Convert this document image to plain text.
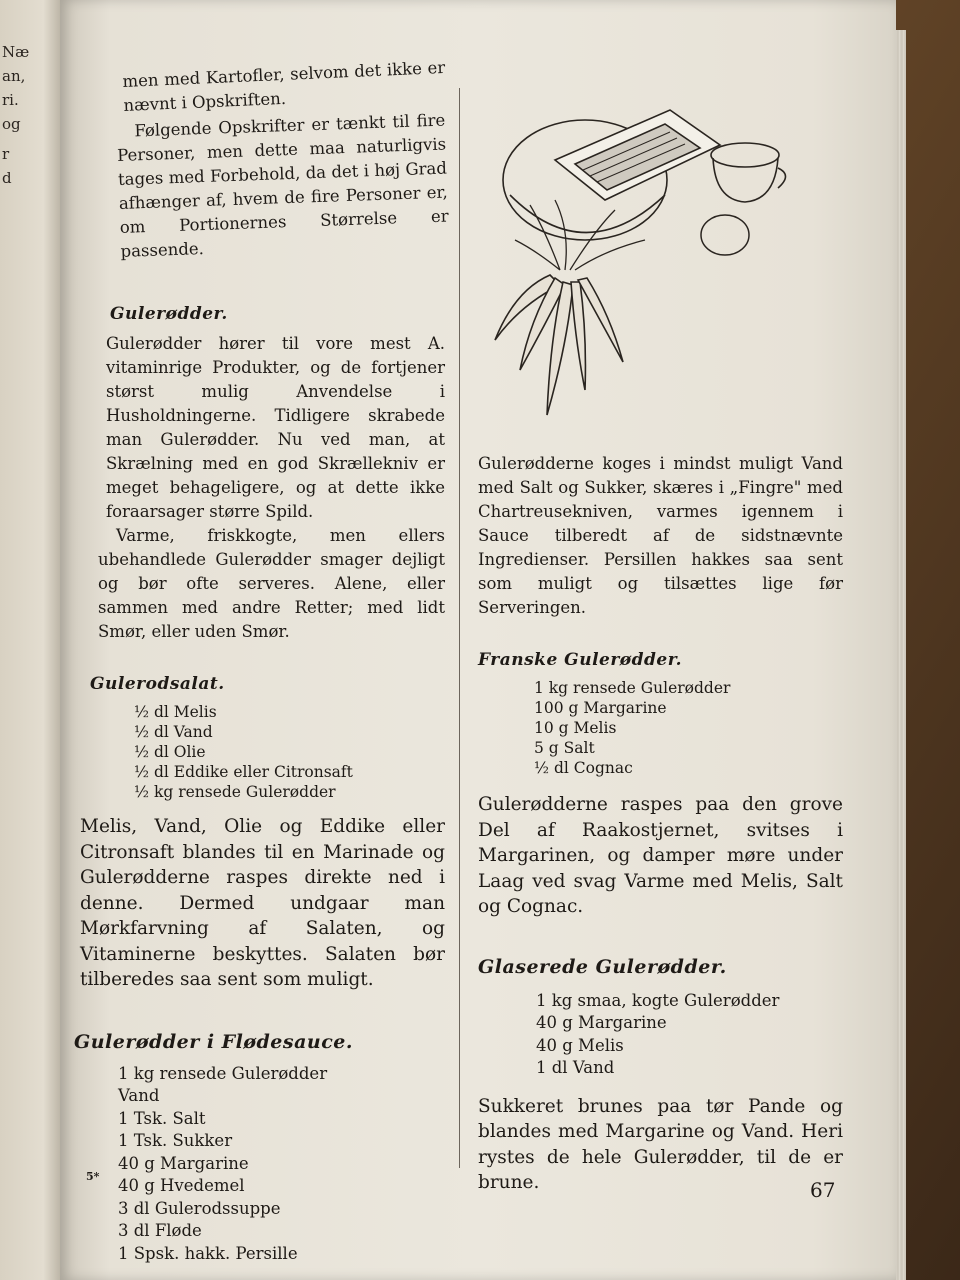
Næ
an,
ri.
og
r
d

men med Kartofler, selvom det ikke er nævnt i Opskriften.

Følgende Opskrifter er tænkt til fire Personer, men dette maa naturligvis tages med Forbehold, da det i høj Grad afhænger af, hvem de fire Personer er, om Portionernes Størrelse er passende.

Gulerødder.

Gulerødder hører til vore mest A. vitaminrige Produkter, og de fortjener størst mulig Anvendelse i Husholdningerne. Tidligere skrabede man Gulerødder. Nu ved man, at Skrælning med en god Skrællekniv er meget behageligere, og at dette ikke foraarsager større Spild.

Varme, friskkogte, men ellers ubehandlede Gulerødder smager dejligt og bør ofte serveres. Alene, eller sammen med andre Retter; med lidt Smør, eller uden Smør.

Gulerodsalat.

½ dl Melis
½ dl Vand
½ dl Olie
½ dl Eddike eller Citronsaft
½ kg rensede Gulerødder

Melis, Vand, Olie og Eddike eller Citronsaft blandes til en Marinade og Gulerødderne raspes direkte ned i denne. Dermed undgaar man Mørkfarvning af Salaten, og Vitaminerne beskyttes. Salaten bør tilberedes saa sent som muligt.

Gulerødder i Flødesauce.

1 kg rensede Gulerødder
Vand
1 Tsk. Salt
1 Tsk. Sukker
40 g Margarine
40 g Hvedemel
3 dl Gulerodssuppe
3 dl Fløde
1 Spsk. hakk. Persille
5*

Gulerødderne koges i mindst muligt Vand med Salt og Sukker, skæres i „Fingre" med Chartreusekniven, varmes igennem i Sauce tilberedt af de sidstnævnte Ingredienser. Persillen hakkes saa sent som muligt og tilsættes lige før Serveringen.

Franske Gulerødder.

1 kg rensede Gulerødder
100 g Margarine
10 g Melis
5 g Salt
½ dl Cognac

Gulerødderne raspes paa den grove Del af Raakostjernet, svitses i Margarinen, og damper møre under Laag ved svag Varme med Melis, Salt og Cognac.

Glaserede Gulerødder.

1 kg smaa, kogte Gulerødder
40 g Margarine
40 g Melis
1 dl Vand

Sukkeret brunes paa tør Pande og blandes med Margarine og Vand. Heri rystes de hele Gulerødder, til de er brune.	67
